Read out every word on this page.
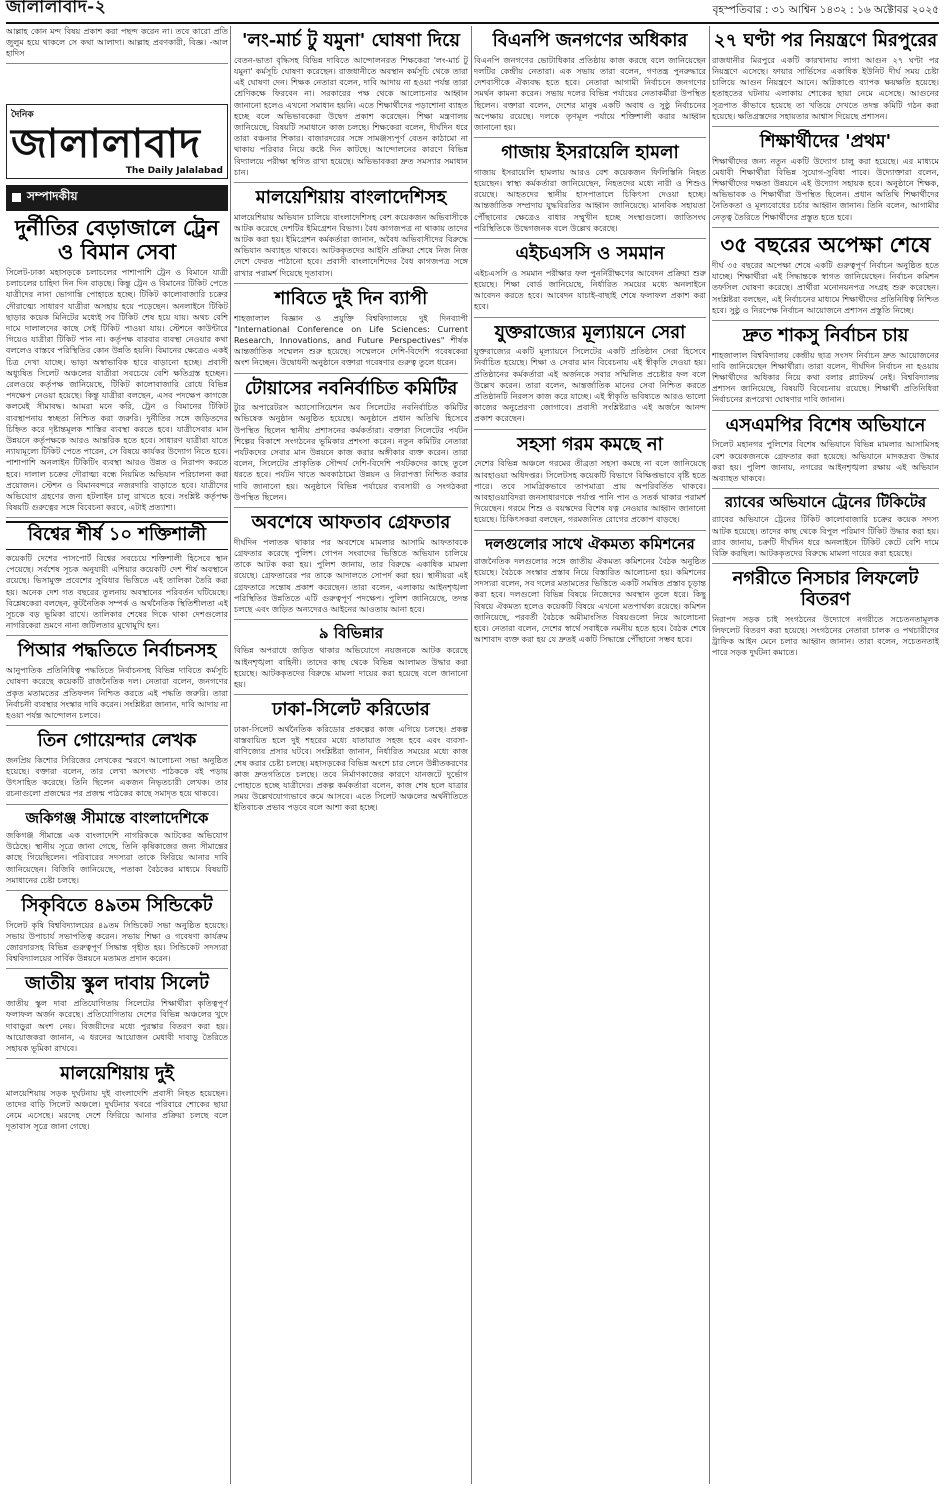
জালালাবাদ-২	বৃহস্পতিবার : ৩১ আশ্বিন ১৪৩২ : ১৬ অক্টোবর ২০২৫
আল্লাহ কোন মন্দ বিষয় প্রকাশ করা পছন্দ করেন না। তবে কারো প্রতি জুলুম হয়ে থাকলে সে কথা আলাদা। আল্লাহ প্রবণকারী, বিজ্ঞ। -আল হাদিস
দৈনিক
জালালাবাদ
The Daily Jalalabad
সম্পাদকীয়
দুর্নীতির বেড়াজালে ট্রেন ও বিমান সেবা
সিলেট-ঢাকা মহাসড়কে চলাচলের পাশাপাশি ট্রেন ও বিমানে যাত্রী চলাচলের চাহিদা দিন দিন বাড়ছে। কিন্তু ট্রেন ও বিমানের টিকিট পেতে যাত্রীদের নানা ভোগান্তি পোহাতে হচ্ছে। টিকিট কালোবাজারি চক্রের দৌরাত্ম্যে সাধারণ যাত্রীরা অসহায় হয়ে পড়েছেন। অনলাইনে টিকিট ছাড়ার কয়েক মিনিটের মধ্যেই সব টিকিট শেষ হয়ে যায়। অথচ বেশি দামে দালালদের কাছে সেই টিকিট পাওয়া যায়। স্টেশনে কাউন্টারে গিয়েও যাত্রীরা টিকিট পান না। কর্তৃপক্ষ বারবার ব্যবস্থা নেওয়ার কথা বললেও বাস্তবে পরিস্থিতির কোন উন্নতি হয়নি। বিমানের ক্ষেত্রেও একই চিত্র দেখা যাচ্ছে। ভাড়া অস্বাভাবিক হারে বাড়ানো হচ্ছে। প্রবাসী অধ্যুষিত সিলেট অঞ্চলের যাত্রীরা সবচেয়ে বেশি ক্ষতিগ্রস্ত হচ্ছেন। রেলওয়ে কর্তৃপক্ষ জানিয়েছে, টিকিট কালোবাজারি রোধে বিভিন্ন পদক্ষেপ নেওয়া হয়েছে। কিন্তু যাত্রীরা বলছেন, এসব পদক্ষেপ কাগজে কলমেই সীমাবদ্ধ। আমরা মনে করি, ট্রেন ও বিমানের টিকিট ব্যবস্থাপনায় স্বচ্ছতা নিশ্চিত করা জরুরি। দুর্নীতির সঙ্গে জড়িতদের চিহ্নিত করে দৃষ্টান্তমূলক শাস্তির ব্যবস্থা করতে হবে। যাত্রীসেবার মান উন্নয়নে কর্তৃপক্ষকে আরও আন্তরিক হতে হবে। সাধারণ যাত্রীরা যাতে ন্যায্যমূল্যে টিকিট পেতে পারেন, সে বিষয়ে কার্যকর উদ্যোগ নিতে হবে। পাশাপাশি অনলাইন টিকিটিং ব্যবস্থা আরও উন্নত ও নিরাপদ করতে হবে। দালাল চক্রের দৌরাত্ম্য বন্ধে নিয়মিত অভিযান পরিচালনা করা প্রয়োজন। স্টেশন ও বিমানবন্দরে নজরদারি বাড়াতে হবে। যাত্রীদের অভিযোগ গ্রহণের জন্য হটলাইন চালু রাখতে হবে। সংশ্লিষ্ট কর্তৃপক্ষ বিষয়টি গুরুত্বের সঙ্গে বিবেচনা করবে, এটাই প্রত্যাশা।
বিশ্বের শীর্ষ ১০ শক্তিশালী
কয়েকটি দেশের পাসপোর্ট বিশ্বের সবচেয়ে শক্তিশালী হিসেবে স্থান পেয়েছে। সর্বশেষ সূচক অনুযায়ী এশিয়ার কয়েকটি দেশ শীর্ষ অবস্থানে রয়েছে। ভিসামুক্ত প্রবেশের সুবিধার ভিত্তিতে এই তালিকা তৈরি করা হয়। অনেক দেশ গত বছরের তুলনায় অবস্থানের পরিবর্তন ঘটিয়েছে। বিশ্লেষকেরা বলছেন, কূটনৈতিক সম্পর্ক ও অর্থনৈতিক স্থিতিশীলতা এই সূচকে বড় ভূমিকা রাখে। তালিকার শেষের দিকে থাকা দেশগুলোর নাগরিকেরা ভ্রমণে নানা জটিলতার মুখোমুখি হন।
পিআর পদ্ধতিতে নির্বাচনসহ
আনুপাতিক প্রতিনিধিত্ব পদ্ধতিতে নির্বাচনসহ বিভিন্ন দাবিতে কর্মসূচি ঘোষণা করেছে কয়েকটি রাজনৈতিক দল। নেতারা বলেন, জনগণের প্রকৃত মতামতের প্রতিফলন নিশ্চিত করতে এই পদ্ধতি জরুরি। তারা নির্বাচনী ব্যবস্থার সংস্কার দাবি করেন। সংশ্লিষ্টরা জানান, দাবি আদায় না হওয়া পর্যন্ত আন্দোলন চলবে।
তিন গোয়েন্দার লেখক
জনপ্রিয় কিশোর সিরিজের লেখকের স্মরণে আলোচনা সভা অনুষ্ঠিত হয়েছে। বক্তারা বলেন, তার লেখা অসংখ্য পাঠককে বই পড়ায় উৎসাহিত করেছে। তিনি ছিলেন একজন নিভৃতচারী লেখক। তার রচনাগুলো প্রজন্মের পর প্রজন্ম পাঠকের কাছে সমাদৃত হয়ে থাকবে।
জকিগঞ্জ সীমান্তে বাংলাদেশিকে
জকিগঞ্জ সীমান্তে এক বাংলাদেশি নাগরিককে আটকের অভিযোগ উঠেছে। স্থানীয় সূত্রে জানা গেছে, তিনি কৃষিকাজের জন্য সীমান্তের কাছে গিয়েছিলেন। পরিবারের সদস্যরা তাকে ফিরিয়ে আনার দাবি জানিয়েছেন। বিজিবি জানিয়েছে, পতাকা বৈঠকের মাধ্যমে বিষয়টি সমাধানের চেষ্টা চলছে।
সিকৃবিতে ৪৯তম সিন্ডিকেট
সিলেট কৃষি বিশ্ববিদ্যালয়ের ৪৯তম সিন্ডিকেট সভা অনুষ্ঠিত হয়েছে। সভায় উপাচার্য সভাপতিত্ব করেন। সভায় শিক্ষা ও গবেষণা কার্যক্রম জোরদারসহ বিভিন্ন গুরুত্বপূর্ণ সিদ্ধান্ত গৃহীত হয়। সিন্ডিকেট সদস্যরা বিশ্ববিদ্যালয়ের সার্বিক উন্নয়নে মতামত প্রদান করেন।
জাতীয় স্কুল দাবায় সিলেট
জাতীয় স্কুল দাবা প্রতিযোগিতায় সিলেটের শিক্ষার্থীরা কৃতিত্বপূর্ণ ফলাফল অর্জন করেছে। প্রতিযোগিতায় দেশের বিভিন্ন অঞ্চলের খুদে দাবাড়ুরা অংশ নেয়। বিজয়ীদের মধ্যে পুরস্কার বিতরণ করা হয়। আয়োজকরা জানান, এ ধরনের আয়োজন মেধাবী দাবাড়ু তৈরিতে সহায়ক ভূমিকা রাখবে।
মালয়েশিয়ায় দুই
মালয়েশিয়ায় সড়ক দুর্ঘটনায় দুই বাংলাদেশি প্রবাসী নিহত হয়েছেন। তাদের বাড়ি সিলেট অঞ্চলে। দুর্ঘটনার খবরে পরিবারে শোকের ছায়া নেমে এসেছে। মরদেহ দেশে ফিরিয়ে আনার প্রক্রিয়া চলছে বলে দূতাবাস সূত্রে জানা গেছে।
'লং-মার্চ টু যমুনা' ঘোষণা দিয়ে
বেতন-ভাতা বৃদ্ধিসহ বিভিন্ন দাবিতে আন্দোলনরত শিক্ষকেরা 'লং-মার্চ টু যমুনা' কর্মসূচি ঘোষণা করেছেন। রাজধানীতে অবস্থান কর্মসূচি থেকে তারা এই ঘোষণা দেন। শিক্ষক নেতারা বলেন, দাবি আদায় না হওয়া পর্যন্ত তারা শ্রেণিকক্ষে ফিরবেন না। সরকারের পক্ষ থেকে আলোচনার আহ্বান জানানো হলেও এখনো সমাধান হয়নি। এতে শিক্ষার্থীদের পড়াশোনা ব্যাহত হচ্ছে বলে অভিভাবকেরা উদ্বেগ প্রকাশ করেছেন। শিক্ষা মন্ত্রণালয় জানিয়েছে, বিষয়টি সমাধানে কাজ চলছে। শিক্ষকেরা বলেন, দীর্ঘদিন ধরে তারা বঞ্চনার শিকার। বাজারদরের সঙ্গে সামঞ্জস্যপূর্ণ বেতন কাঠামো না থাকায় পরিবার নিয়ে কষ্টে দিন কাটছে। আন্দোলনের কারণে বিভিন্ন বিদ্যালয়ে পরীক্ষা স্থগিত রাখা হয়েছে। অভিভাবকরা দ্রুত সমস্যার সমাধান চান।
মালয়েশিয়ায় বাংলাদেশিসহ
মালয়েশিয়ায় অভিযান চালিয়ে বাংলাদেশিসহ বেশ কয়েকজন অভিবাসীকে আটক করেছে দেশটির ইমিগ্রেশন বিভাগ। বৈধ কাগজপত্র না থাকায় তাদের আটক করা হয়। ইমিগ্রেশন কর্মকর্তারা জানান, অবৈধ অভিবাসীদের বিরুদ্ধে অভিযান অব্যাহত থাকবে। আটককৃতদের আইনি প্রক্রিয়া শেষে নিজ নিজ দেশে ফেরত পাঠানো হবে। প্রবাসী বাংলাদেশিদের বৈধ কাগজপত্র সঙ্গে রাখার পরামর্শ দিয়েছে দূতাবাস।
শাবিতে দুই দিন ব্যাপী
শাহজালাল বিজ্ঞান ও প্রযুক্তি বিশ্ববিদ্যালয়ে দুই দিনব্যাপী "International Conference on Life Sciences: Current Research, Innovations, and Future Perspectives" শীর্ষক আন্তর্জাতিক সম্মেলন শুরু হয়েছে। সম্মেলনে দেশি-বিদেশি গবেষকেরা অংশ নিচ্ছেন। উদ্বোধনী অনুষ্ঠানে বক্তারা গবেষণার গুরুত্ব তুলে ধরেন।
টোয়াসের নবনির্বাচিত কমিটির
ট্যুর অপারেটরস অ্যাসোসিয়েশন অব সিলেটের নবনির্বাচিত কমিটির অভিষেক অনুষ্ঠান অনুষ্ঠিত হয়েছে। অনুষ্ঠানে প্রধান অতিথি হিসেবে উপস্থিত ছিলেন স্থানীয় প্রশাসনের কর্মকর্তারা। বক্তারা সিলেটের পর্যটন শিল্পের বিকাশে সংগঠনের ভূমিকার প্রশংসা করেন। নতুন কমিটির নেতারা পর্যটকদের সেবার মান উন্নয়নে কাজ করার অঙ্গীকার ব্যক্ত করেন। তারা বলেন, সিলেটের প্রাকৃতিক সৌন্দর্য দেশি-বিদেশি পর্যটকদের কাছে তুলে ধরতে হবে। পর্যটন খাতে অবকাঠামো উন্নয়ন ও নিরাপত্তা নিশ্চিত করার দাবি জানানো হয়। অনুষ্ঠানে বিভিন্ন পর্যায়ের ব্যবসায়ী ও সংগঠকরা উপস্থিত ছিলেন।
অবশেষে আফতাব গ্রেফতার
দীর্ঘদিন পলাতক থাকার পর অবশেষে মামলার আসামি আফতাবকে গ্রেফতার করেছে পুলিশ। গোপন সংবাদের ভিত্তিতে অভিযান চালিয়ে তাকে আটক করা হয়। পুলিশ জানায়, তার বিরুদ্ধে একাধিক মামলা রয়েছে। গ্রেফতারের পর তাকে আদালতে সোপর্দ করা হয়। স্থানীয়রা এই গ্রেফতারে সন্তোষ প্রকাশ করেছেন। তারা বলেন, এলাকায় আইনশৃঙ্খলা পরিস্থিতির উন্নতিতে এটি গুরুত্বপূর্ণ পদক্ষেপ। পুলিশ জানিয়েছে, তদন্ত চলছে এবং জড়িত অন্যদেরও আইনের আওতায় আনা হবে।
৯ বিভিন্নার
বিভিন্ন অপরাধে জড়িত থাকার অভিযোগে নয়জনকে আটক করেছে আইনশৃঙ্খলা বাহিনী। তাদের কাছ থেকে বিভিন্ন আলামত উদ্ধার করা হয়েছে। আটককৃতদের বিরুদ্ধে মামলা দায়ের করা হয়েছে বলে জানানো হয়।
ঢাকা-সিলেট করিডোর
ঢাকা-সিলেট অর্থনৈতিক করিডোর প্রকল্পের কাজ এগিয়ে চলছে। প্রকল্প বাস্তবায়িত হলে দুই শহরের মধ্যে যাতায়াত সহজ হবে এবং ব্যবসা-বাণিজ্যের প্রসার ঘটবে। সংশ্লিষ্টরা জানান, নির্ধারিত সময়ের মধ্যে কাজ শেষ করার চেষ্টা চলছে। মহাসড়কের বিভিন্ন অংশে চার লেনে উন্নীতকরণের কাজ দ্রুতগতিতে চলছে। তবে নির্মাণকাজের কারণে যানজটে দুর্ভোগ পোহাতে হচ্ছে যাত্রীদের। প্রকল্প কর্মকর্তারা বলেন, কাজ শেষ হলে যাত্রার সময় উল্লেখযোগ্যভাবে কমে আসবে। এতে সিলেট অঞ্চলের অর্থনীতিতে ইতিবাচক প্রভাব পড়বে বলে আশা করা হচ্ছে।
বিএনপি জনগণের অধিকার
বিএনপি জনগণের ভোটাধিকার প্রতিষ্ঠায় কাজ করছে বলে জানিয়েছেন দলটির কেন্দ্রীয় নেতারা। এক সভায় তারা বলেন, গণতন্ত্র পুনরুদ্ধারে দেশবাসীকে ঐক্যবদ্ধ হতে হবে। নেতারা আগামী নির্বাচনে জনগণের সমর্থন কামনা করেন। সভায় দলের বিভিন্ন পর্যায়ের নেতাকর্মীরা উপস্থিত ছিলেন। বক্তারা বলেন, দেশের মানুষ একটি অবাধ ও সুষ্ঠু নির্বাচনের অপেক্ষায় রয়েছে। দলকে তৃণমূল পর্যায়ে শক্তিশালী করার আহ্বান জানানো হয়।
গাজায় ইসরায়েলি হামলা
গাজায় ইসরায়েলি হামলায় আরও বেশ কয়েকজন ফিলিস্তিনি নিহত হয়েছেন। স্বাস্থ্য কর্মকর্তারা জানিয়েছেন, নিহতদের মধ্যে নারী ও শিশুও রয়েছে। আহতদের স্থানীয় হাসপাতালে চিকিৎসা দেওয়া হচ্ছে। আন্তর্জাতিক সম্প্রদায় যুদ্ধবিরতির আহ্বান জানিয়েছে। মানবিক সহায়তা পৌঁছানোর ক্ষেত্রেও বাধার সম্মুখীন হচ্ছে সংস্থাগুলো। জাতিসংঘ পরিস্থিতিকে উদ্বেগজনক বলে উল্লেখ করেছে।
এইচএসসি ও সমমান
এইচএসসি ও সমমান পরীক্ষার ফল পুনর্নিরীক্ষণের আবেদন প্রক্রিয়া শুরু হয়েছে। শিক্ষা বোর্ড জানিয়েছে, নির্ধারিত সময়ের মধ্যে অনলাইনে আবেদন করতে হবে। আবেদন যাচাই-বাছাই শেষে ফলাফল প্রকাশ করা হবে।
যুক্তরাজ্যের মূল্যায়নে সেরা
যুক্তরাজ্যের একটি মূল্যায়নে সিলেটের একটি প্রতিষ্ঠান সেরা হিসেবে নির্বাচিত হয়েছে। শিক্ষা ও সেবার মান বিবেচনায় এই স্বীকৃতি দেওয়া হয়। প্রতিষ্ঠানের কর্মকর্তারা এই অর্জনকে সবার সম্মিলিত প্রচেষ্টার ফল বলে উল্লেখ করেন। তারা বলেন, আন্তর্জাতিক মানের সেবা নিশ্চিত করতে প্রতিষ্ঠানটি নিরলস কাজ করে যাচ্ছে। এই স্বীকৃতি ভবিষ্যতে আরও ভালো কাজের অনুপ্রেরণা জোগাবে। প্রবাসী সংশ্লিষ্টরাও এই অর্জনে আনন্দ প্রকাশ করেছেন।
সহসা গরম কমছে না
দেশের বিভিন্ন অঞ্চলে গরমের তীব্রতা সহসা কমছে না বলে জানিয়েছে আবহাওয়া অধিদপ্তর। সিলেটসহ কয়েকটি বিভাগে বিক্ষিপ্তভাবে বৃষ্টি হতে পারে। তবে সামগ্রিকভাবে তাপমাত্রা প্রায় অপরিবর্তিত থাকবে। আবহাওয়াবিদরা জনসাধারণকে পর্যাপ্ত পানি পান ও সতর্ক থাকার পরামর্শ দিয়েছেন। গরমে শিশু ও বয়স্কদের বিশেষ যত্ন নেওয়ার আহ্বান জানানো হয়েছে। চিকিৎসকরা বলছেন, গরমজনিত রোগের প্রকোপ বাড়ছে।
দলগুলোর সাথে ঐকমত্য কমিশনের
রাজনৈতিক দলগুলোর সঙ্গে জাতীয় ঐকমত্য কমিশনের বৈঠক অনুষ্ঠিত হয়েছে। বৈঠকে সংস্কার প্রস্তাব নিয়ে বিস্তারিত আলোচনা হয়। কমিশনের সদস্যরা বলেন, সব দলের মতামতের ভিত্তিতে একটি সমন্বিত প্রস্তাব চূড়ান্ত করা হবে। দলগুলো বিভিন্ন বিষয়ে নিজেদের অবস্থান তুলে ধরে। কিছু বিষয়ে ঐকমত্য হলেও কয়েকটি বিষয়ে এখনো মতপার্থক্য রয়েছে। কমিশন জানিয়েছে, পরবর্তী বৈঠকে অমীমাংসিত বিষয়গুলো নিয়ে আলোচনা হবে। নেতারা বলেন, দেশের স্বার্থে সবাইকে নমনীয় হতে হবে। বৈঠক শেষে আশাবাদ ব্যক্ত করা হয় যে দ্রুতই একটি সিদ্ধান্তে পৌঁছানো সম্ভব হবে।
২৭ ঘণ্টা পর নিয়ন্ত্রণে মিরপুরের
রাজধানীর মিরপুরে একটি কারখানায় লাগা আগুন ২৭ ঘণ্টা পর নিয়ন্ত্রণে এসেছে। ফায়ার সার্ভিসের একাধিক ইউনিট দীর্ঘ সময় চেষ্টা চালিয়ে আগুন নিয়ন্ত্রণে আনে। অগ্নিকাণ্ডে ব্যাপক ক্ষয়ক্ষতি হয়েছে। হতাহতের ঘটনায় এলাকায় শোকের ছায়া নেমে এসেছে। আগুনের সূত্রপাত কীভাবে হয়েছে তা খতিয়ে দেখতে তদন্ত কমিটি গঠন করা হয়েছে। ক্ষতিগ্রস্তদের সহায়তার আশ্বাস দিয়েছে প্রশাসন।
শিক্ষার্থীদের 'প্রথম'
শিক্ষার্থীদের জন্য নতুন একটি উদ্যোগ চালু করা হয়েছে। এর মাধ্যমে মেধাবী শিক্ষার্থীরা বিভিন্ন সুযোগ-সুবিধা পাবে। উদ্যোক্তারা বলেন, শিক্ষার্থীদের দক্ষতা উন্নয়নে এই উদ্যোগ সহায়ক হবে। অনুষ্ঠানে শিক্ষক, অভিভাবক ও শিক্ষার্থীরা উপস্থিত ছিলেন। প্রধান অতিথি শিক্ষার্থীদের নৈতিকতা ও মূল্যবোধের চর্চার আহ্বান জানান। তিনি বলেন, আগামীর নেতৃত্ব তৈরিতে শিক্ষার্থীদের প্রস্তুত হতে হবে।
৩৫ বছরের অপেক্ষা শেষে
দীর্ঘ ৩৫ বছরের অপেক্ষা শেষে একটি গুরুত্বপূর্ণ নির্বাচন অনুষ্ঠিত হতে যাচ্ছে। শিক্ষার্থীরা এই সিদ্ধান্তকে স্বাগত জানিয়েছেন। নির্বাচন কমিশন তফসিল ঘোষণা করেছে। প্রার্থীরা মনোনয়নপত্র সংগ্রহ শুরু করেছেন। সংশ্লিষ্টরা বলছেন, এই নির্বাচনের মাধ্যমে শিক্ষার্থীদের প্রতিনিধিত্ব নিশ্চিত হবে। সুষ্ঠু ও নিরপেক্ষ নির্বাচন আয়োজনে প্রশাসন প্রস্তুতি নিচ্ছে।
দ্রুত শাকসু নির্বাচন চায়
শাহজালাল বিশ্ববিদ্যালয় কেন্দ্রীয় ছাত্র সংসদ নির্বাচন দ্রুত আয়োজনের দাবি জানিয়েছেন শিক্ষার্থীরা। তারা বলেন, দীর্ঘদিন নির্বাচন না হওয়ায় শিক্ষার্থীদের অধিকার নিয়ে কথা বলার প্ল্যাটফর্ম নেই। বিশ্ববিদ্যালয় প্রশাসন জানিয়েছে, বিষয়টি বিবেচনায় রয়েছে। শিক্ষার্থী প্রতিনিধিরা নির্বাচনের রূপরেখা ঘোষণার দাবি জানান।
এসএমপির বিশেষ অভিযানে
সিলেট মহানগর পুলিশের বিশেষ অভিযানে বিভিন্ন মামলার আসামিসহ বেশ কয়েকজনকে গ্রেফতার করা হয়েছে। অভিযানে মাদকদ্রব্য উদ্ধার করা হয়। পুলিশ জানায়, নগরের আইনশৃঙ্খলা রক্ষায় এই অভিযান অব্যাহত থাকবে।
র‌্যাবের অভিযানে ট্রেনের টিকিটের
র‌্যাবের অভিযানে ট্রেনের টিকিট কালোবাজারি চক্রের কয়েক সদস্য আটক হয়েছে। তাদের কাছ থেকে বিপুল পরিমাণ টিকিট উদ্ধার করা হয়। র‌্যাব জানায়, চক্রটি দীর্ঘদিন ধরে অনলাইনে টিকিট কেটে বেশি দামে বিক্রি করছিল। আটককৃতদের বিরুদ্ধে মামলা দায়ের করা হয়েছে।
নগরীতে নিসচার লিফলেট বিতরণ
নিরাপদ সড়ক চাই সংগঠনের উদ্যোগে নগরীতে সচেতনতামূলক লিফলেট বিতরণ করা হয়েছে। সংগঠনের নেতারা চালক ও পথচারীদের ট্রাফিক আইন মেনে চলার আহ্বান জানান। তারা বলেন, সচেতনতাই পারে সড়ক দুর্ঘটনা কমাতে।
